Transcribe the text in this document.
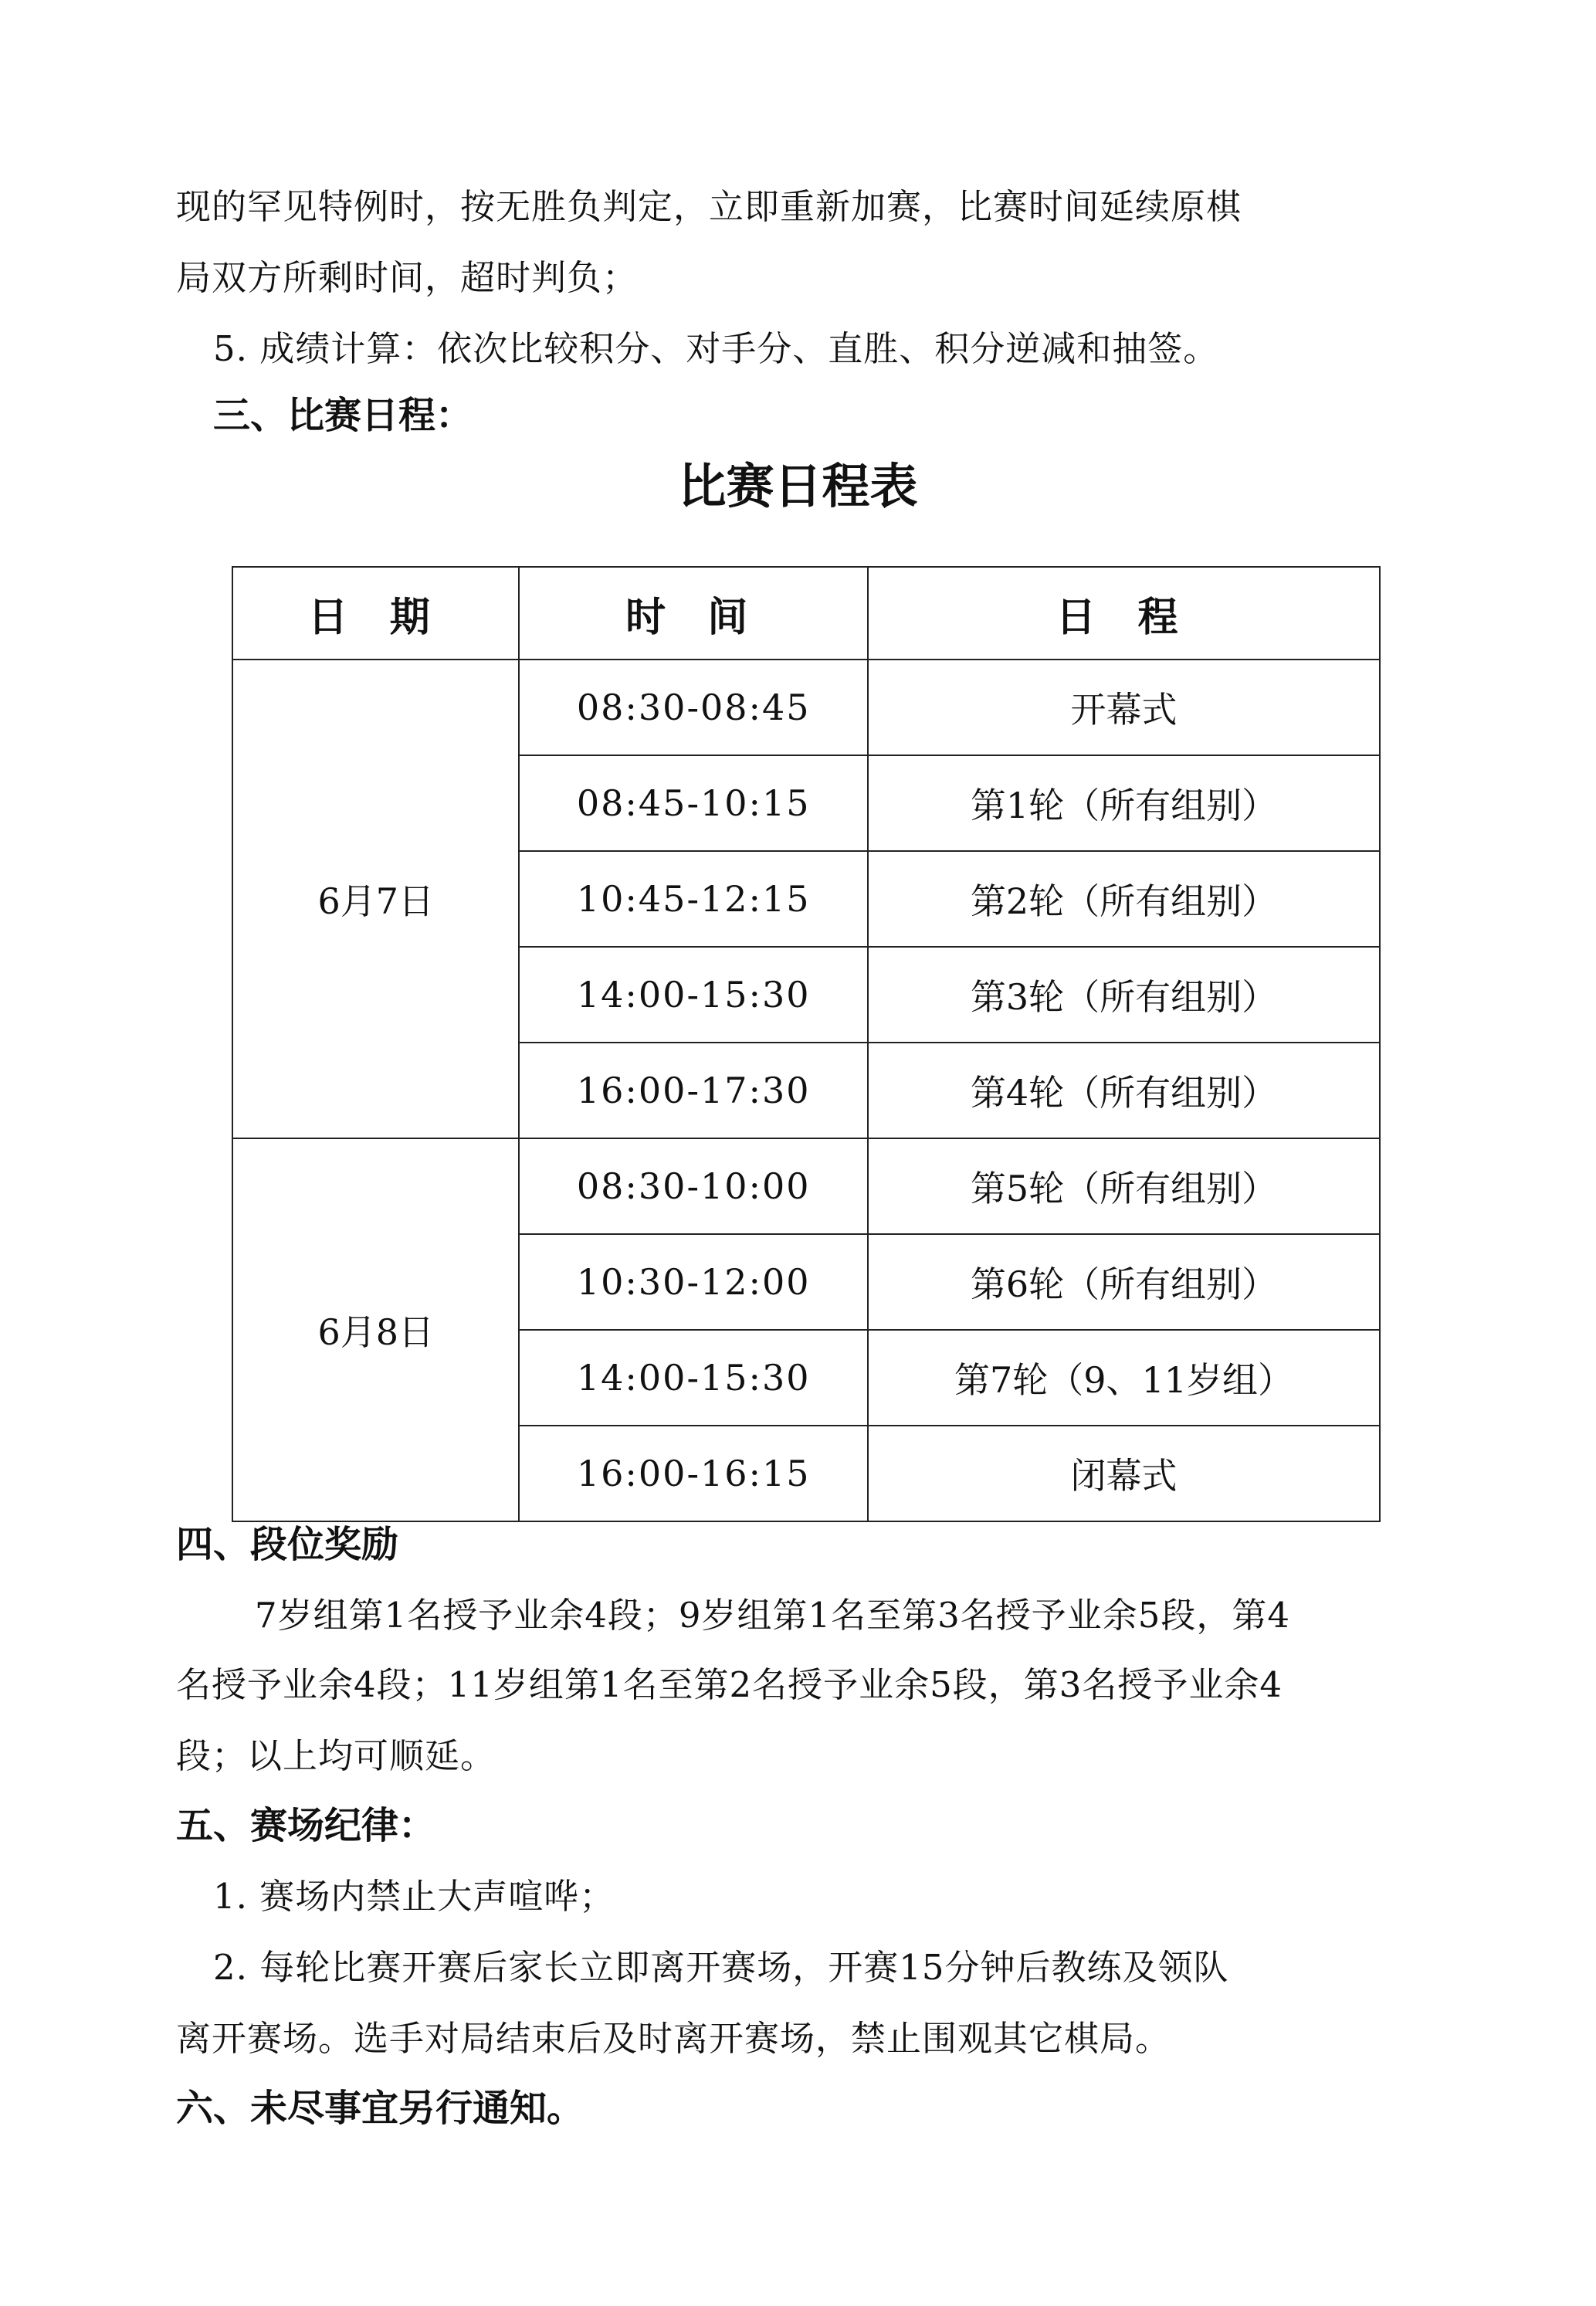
现的罕见特例时，按无胜负判定，立即重新加赛，比赛时间延续原棋
局双方所剩时间，超时判负；
5. 成绩计算：依次比较积分、对手分、直胜、积分逆减和抽签。
三、比赛日程：
比赛日程表
日 期	时 间	日 程
6月7日	08:30-08:45	开幕式
	08:45-10:15	第1轮（所有组别）
	10:45-12:15	第2轮（所有组别）
	14:00-15:30	第3轮（所有组别）
	16:00-17:30	第4轮（所有组别）
6月8日	08:30-10:00	第5轮（所有组别）
	10:30-12:00	第6轮（所有组别）
	14:00-15:30	第7轮（9、11岁组）
	16:00-16:15	闭幕式
四、段位奖励
7岁组第1名授予业余4段；9岁组第1名至第3名授予业余5段，第4
名授予业余4段；11岁组第1名至第2名授予业余5段，第3名授予业余4
段；以上均可顺延。
五、赛场纪律：
1. 赛场内禁止大声喧哗；
2. 每轮比赛开赛后家长立即离开赛场，开赛15分钟后教练及领队
离开赛场。选手对局结束后及时离开赛场，禁止围观其它棋局。
六、未尽事宜另行通知。
